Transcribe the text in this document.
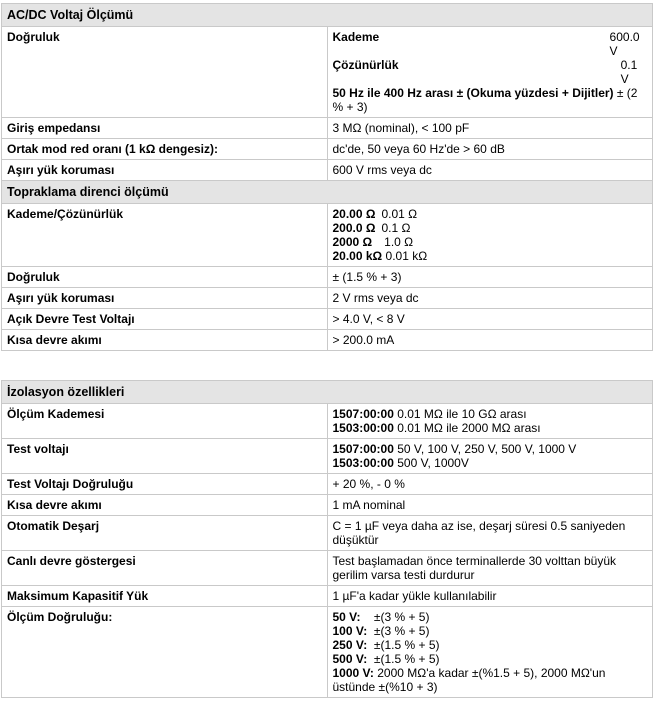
AC/DC Voltaj Ölçümü	
Doğruluk	Kademe 600.0 V
Çözünürlük 0.1 V
50 Hz ile 400 Hz arası ± (Okuma yüzdesi + Dijitler) ± (2 % + 3)

Giriş empedansı	3 MΩ (nominal), < 100 pF
Ortak mod red oranı (1 kΩ dengesiz):	dc'de, 50 veya 60 Hz'de > 60 dB
Aşırı yük koruması	600 V rms veya dc
Topraklama direnci ölçümü	
Kademe/Çözünürlük	20.00 Ω 0.01 Ω
200.0 Ω 0.1 Ω
2000 Ω 1.0 Ω
20.00 kΩ 0.01 kΩ

Doğruluk	± (1.5 % + 3)
Aşırı yük koruması	2 V rms veya dc
Açık Devre Test Voltajı	> 4.0 V, < 8 V
Kısa devre akımı	> 200.0 mA
İzolasyon özellikleri	
Ölçüm Kademesi	1507:00:00 0.01 MΩ ile 10 GΩ arası
1503:00:00 0.01 MΩ ile 2000 MΩ arası

Test voltajı	1507:00:00 50 V, 100 V, 250 V, 500 V, 1000 V
1503:00:00 500 V, 1000V

Test Voltajı Doğruluğu	+ 20 %, - 0 %
Kısa devre akımı	1 mA nominal
Otomatik Deşarj	C = 1 µF veya daha az ise, deşarj süresi 0.5 saniyeden düşüktür
Canlı devre göstergesi	Test başlamadan önce terminallerde 30 volttan büyük gerilim varsa testi durdurur
Maksimum Kapasitif Yük	1 µF'a kadar yükle kullanılabilir
Ölçüm Doğruluğu:	50 V: ±(3 % + 5)
100 V: ±(3 % + 5)
250 V: ±(1.5 % + 5)
500 V: ±(1.5 % + 5)
1000 V: 2000 MΩ'a kadar ±(%1.5 + 5), 2000 MΩ'un üstünde ±(%10 + 3)
